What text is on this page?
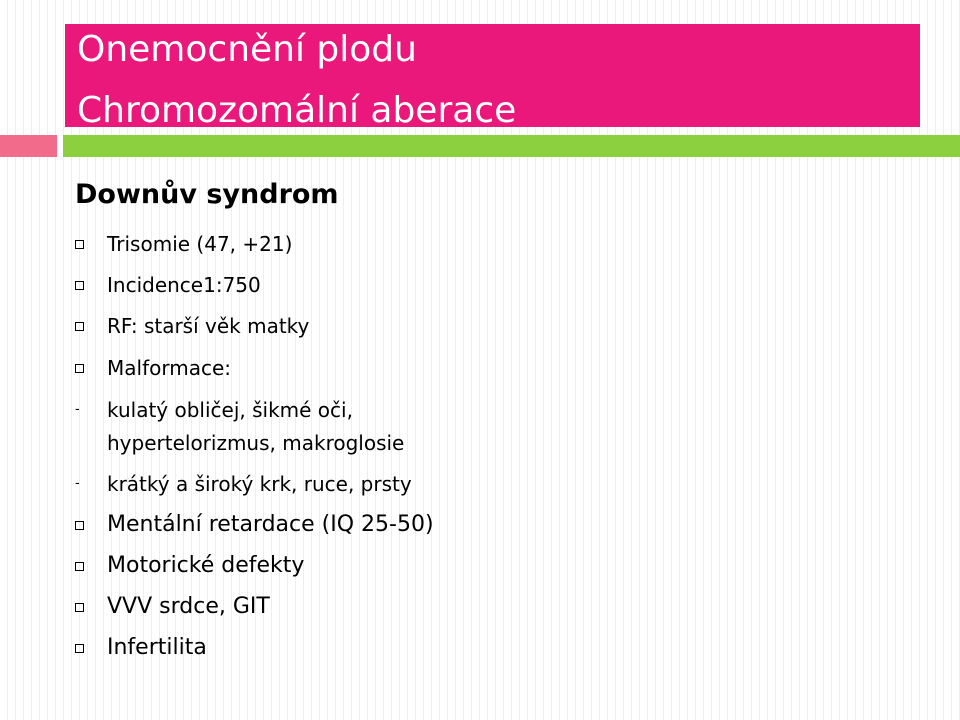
Onemocnění plodu
Chromozomální aberace
Downův syndrom
Trisomie (47, +21)
Incidence1:750
RF: starší věk matky
Malformace:
- kulatý obličej, šikmé oči,
hypertelorizmus, makroglosie
- krátký a široký krk, ruce, prsty
Mentální retardace (IQ 25-50)
Motorické defekty
VVV srdce, GIT
Infertilita
